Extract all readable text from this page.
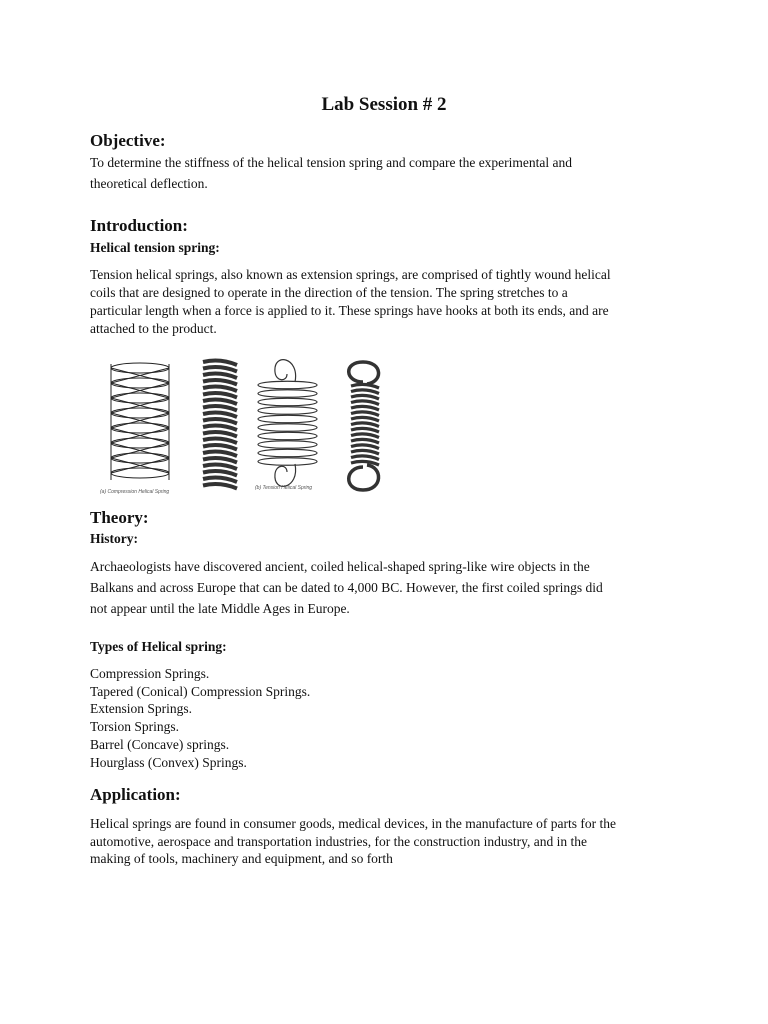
Lab Session # 2
Objective:
To determine the stiffness of the helical tension spring and compare the experimental and
theoretical deflection.
Introduction:
Helical tension spring:
Tension helical springs, also known as extension springs, are comprised of tightly wound helical
coils that are designed to operate in the direction of the tension. The spring stretches to a
particular length when a force is applied to it. These springs have hooks at both its ends, and are
attached to the product.
(a) Compression Helical Spring
(b) Tension Helical Spring
Theory:
History:
Archaeologists have discovered ancient, coiled helical-shaped spring-like wire objects in the
Balkans and across Europe that can be dated to 4,000 BC. However, the first coiled springs did
not appear until the late Middle Ages in Europe.
Types of Helical spring:
Compression Springs.
Tapered (Conical) Compression Springs.
Extension Springs.
Torsion Springs.
Barrel (Concave) springs.
Hourglass (Convex) Springs.
Application:
Helical springs are found in consumer goods, medical devices, in the manufacture of parts for the
automotive, aerospace and transportation industries, for the construction industry, and in the
making of tools, machinery and equipment, and so forth
